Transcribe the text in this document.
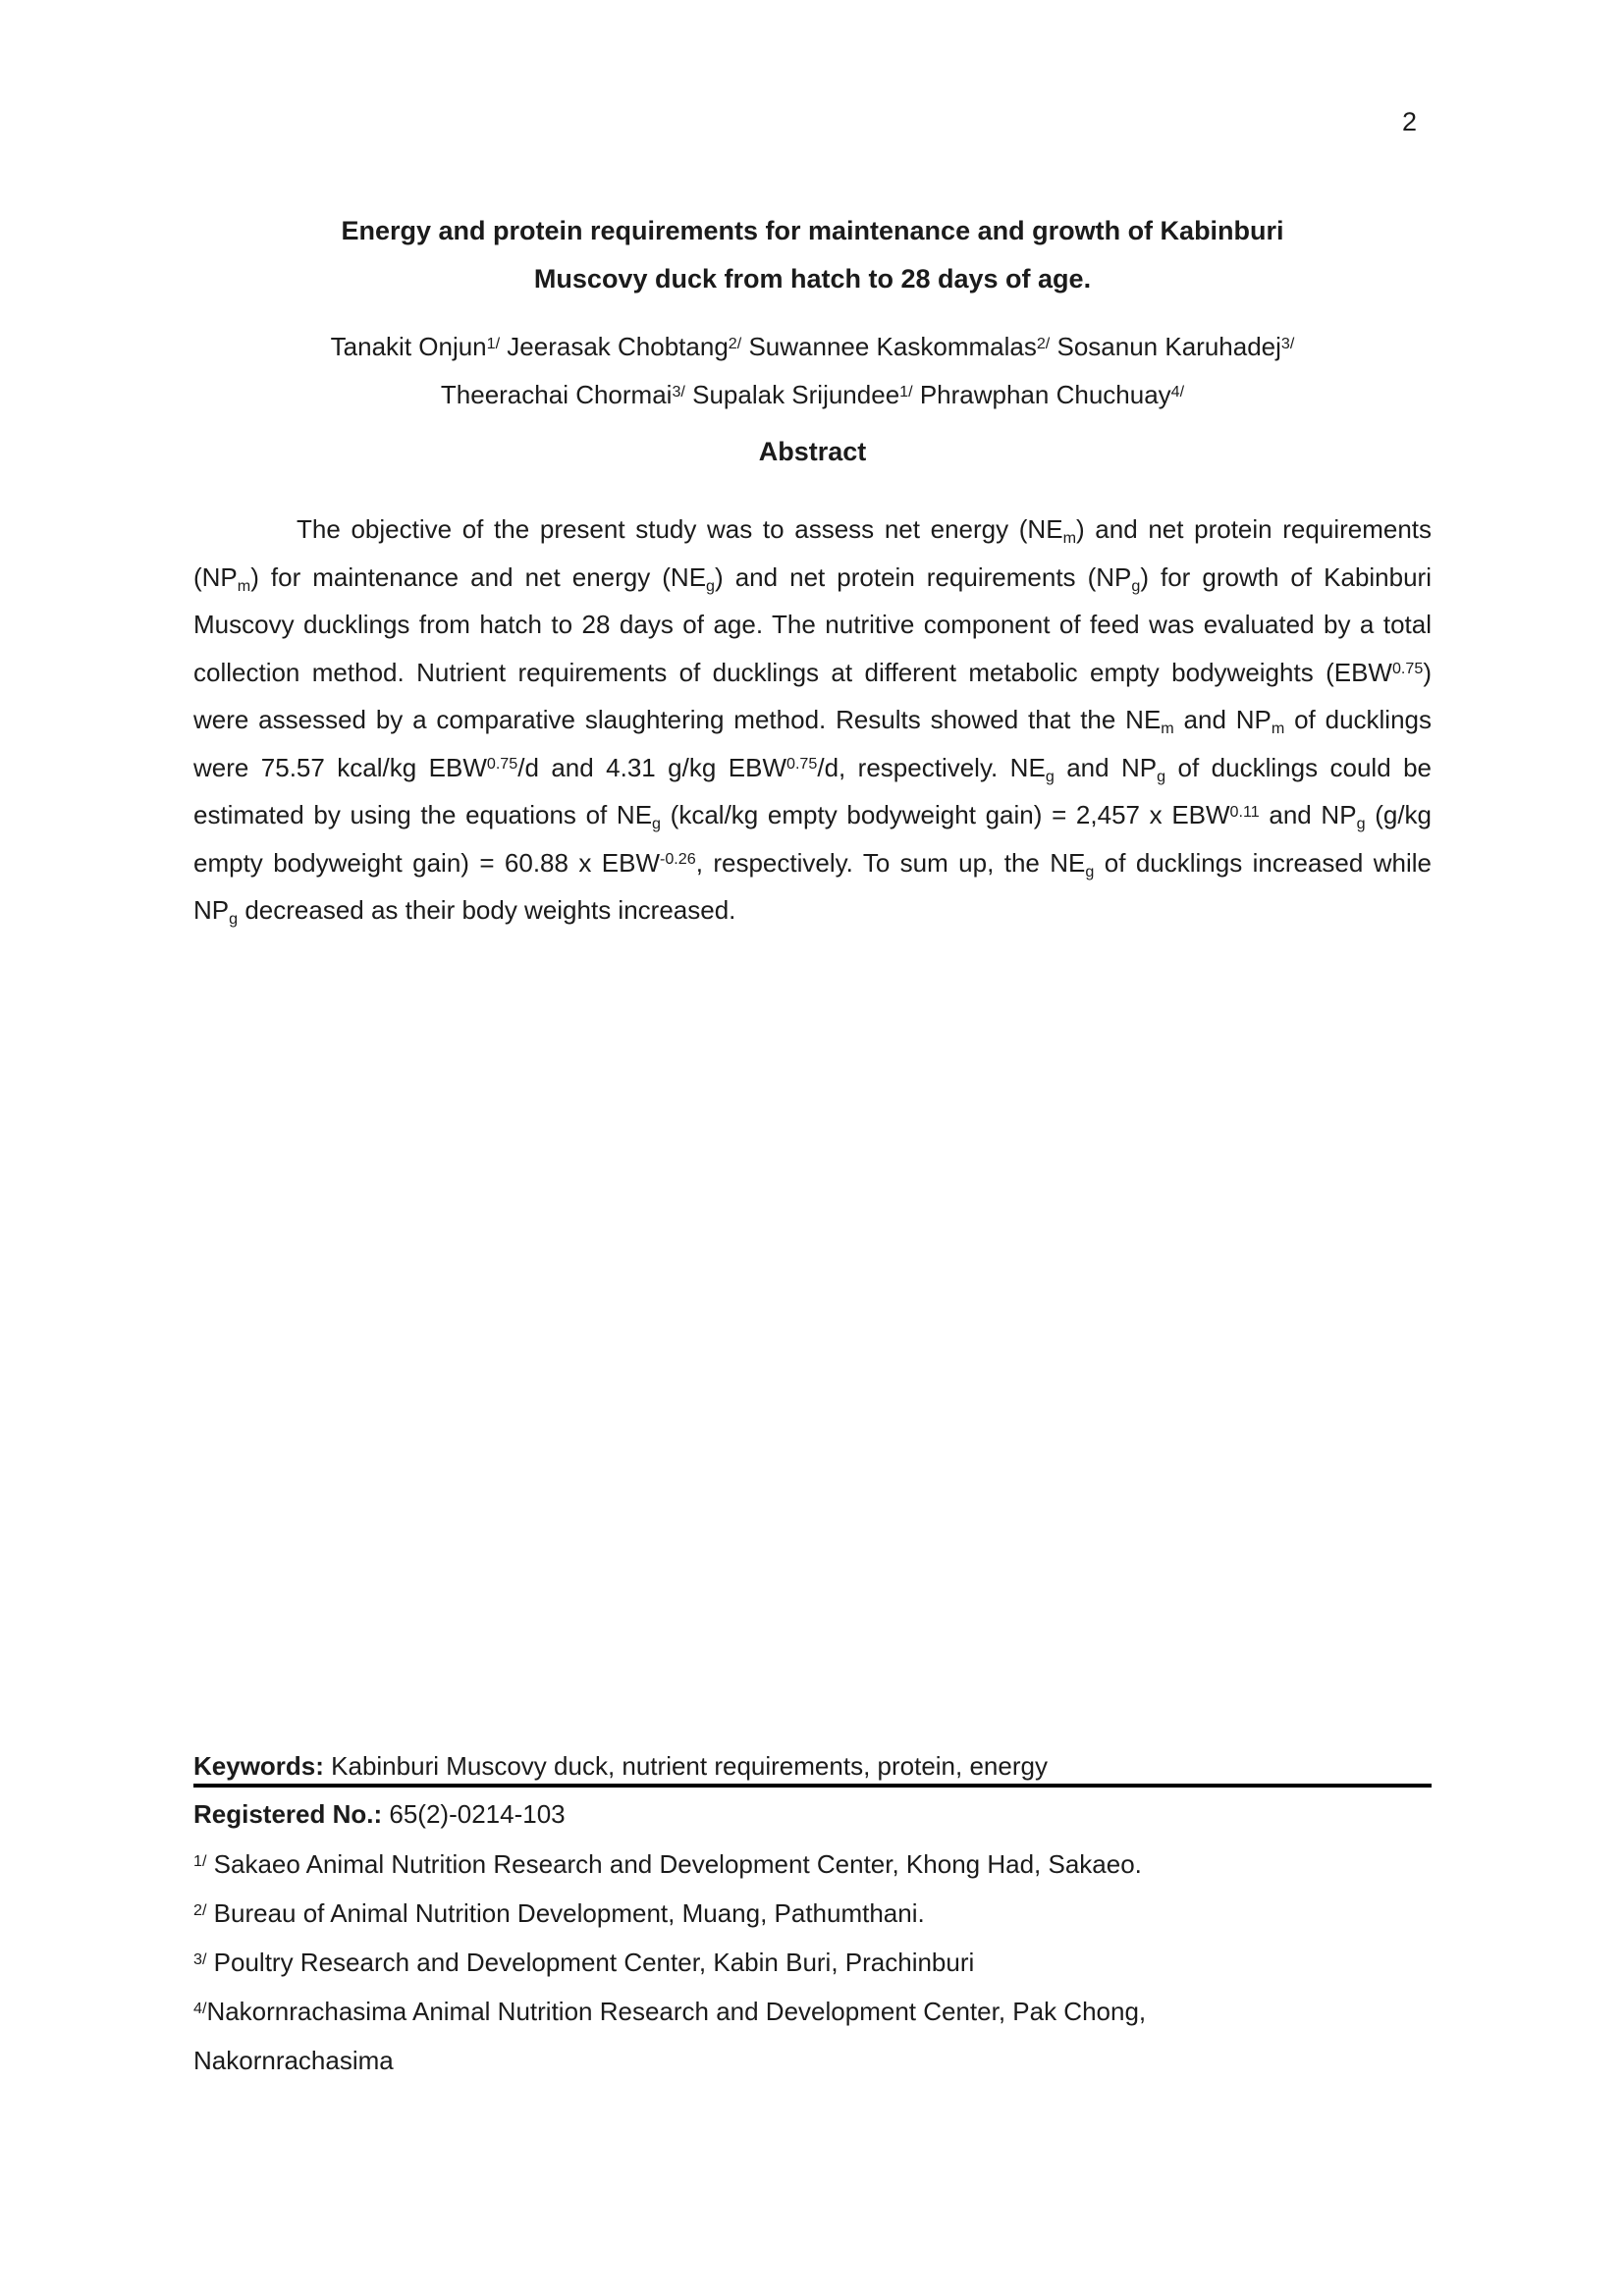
2
Energy and protein requirements for maintenance and growth of Kabinburi
Muscovy duck from hatch to 28 days of age.
Tanakit Onjun$^{1/}$ Jeerasak Chobtang$^{2/}$ Suwannee Kaskommalas$^{2/}$ Sosanun Karuhadej$^{3/}$
Theerachai Chormai$^{3/}$ Supalak Srijundee$^{1/}$ Phrawphan Chuchuay$^{4/}$
Abstract
The objective of the present study was to assess net energy $(NE_m)$ and net protein requirements $(NP_m)$ for maintenance and net energy $(NE_g)$ and net protein requirements $(NP_g)$ for growth of Kabinburi Muscovy ducklings from hatch to 28 days of age. The nutritive component of feed was evaluated by a total collection method. Nutrient requirements of ducklings at different metabolic empty bodyweights $(EBW^{0.75})$ were assessed by a comparative slaughtering method. Results showed that the $NE_m$ and $NP_m$ of ducklings were 75.57 kcal/kg $EBW^{0.75}/d$ and 4.31 g/kg $EBW^{0.75}/d$, respectively. $NE_g$ and $NP_g$ of ducklings could be estimated by using the equations of $NE_g$ (kcal/kg empty bodyweight gain) = 2,457 x $EBW^{0.11}$ and $NP_g$ (g/kg empty bodyweight gain) = 60.88 x $EBW^{-0.26}$, respectively. To sum up, the $NE_g$ of ducklings increased while $NP_g$ decreased as their body weights increased.
Keywords: Kabinburi Muscovy duck, nutrient requirements, protein, energy
Registered No.: 65(2)-0214-103
$^{1/}$ Sakaeo Animal Nutrition Research and Development Center, Khong Had, Sakaeo.
$^{2/}$ Bureau of Animal Nutrition Development, Muang, Pathumthani.
$^{3/}$ Poultry Research and Development Center, Kabin Buri, Prachinburi
$^{4/}$Nakornrachasima Animal Nutrition Research and Development Center, Pak Chong,
Nakornrachasima
